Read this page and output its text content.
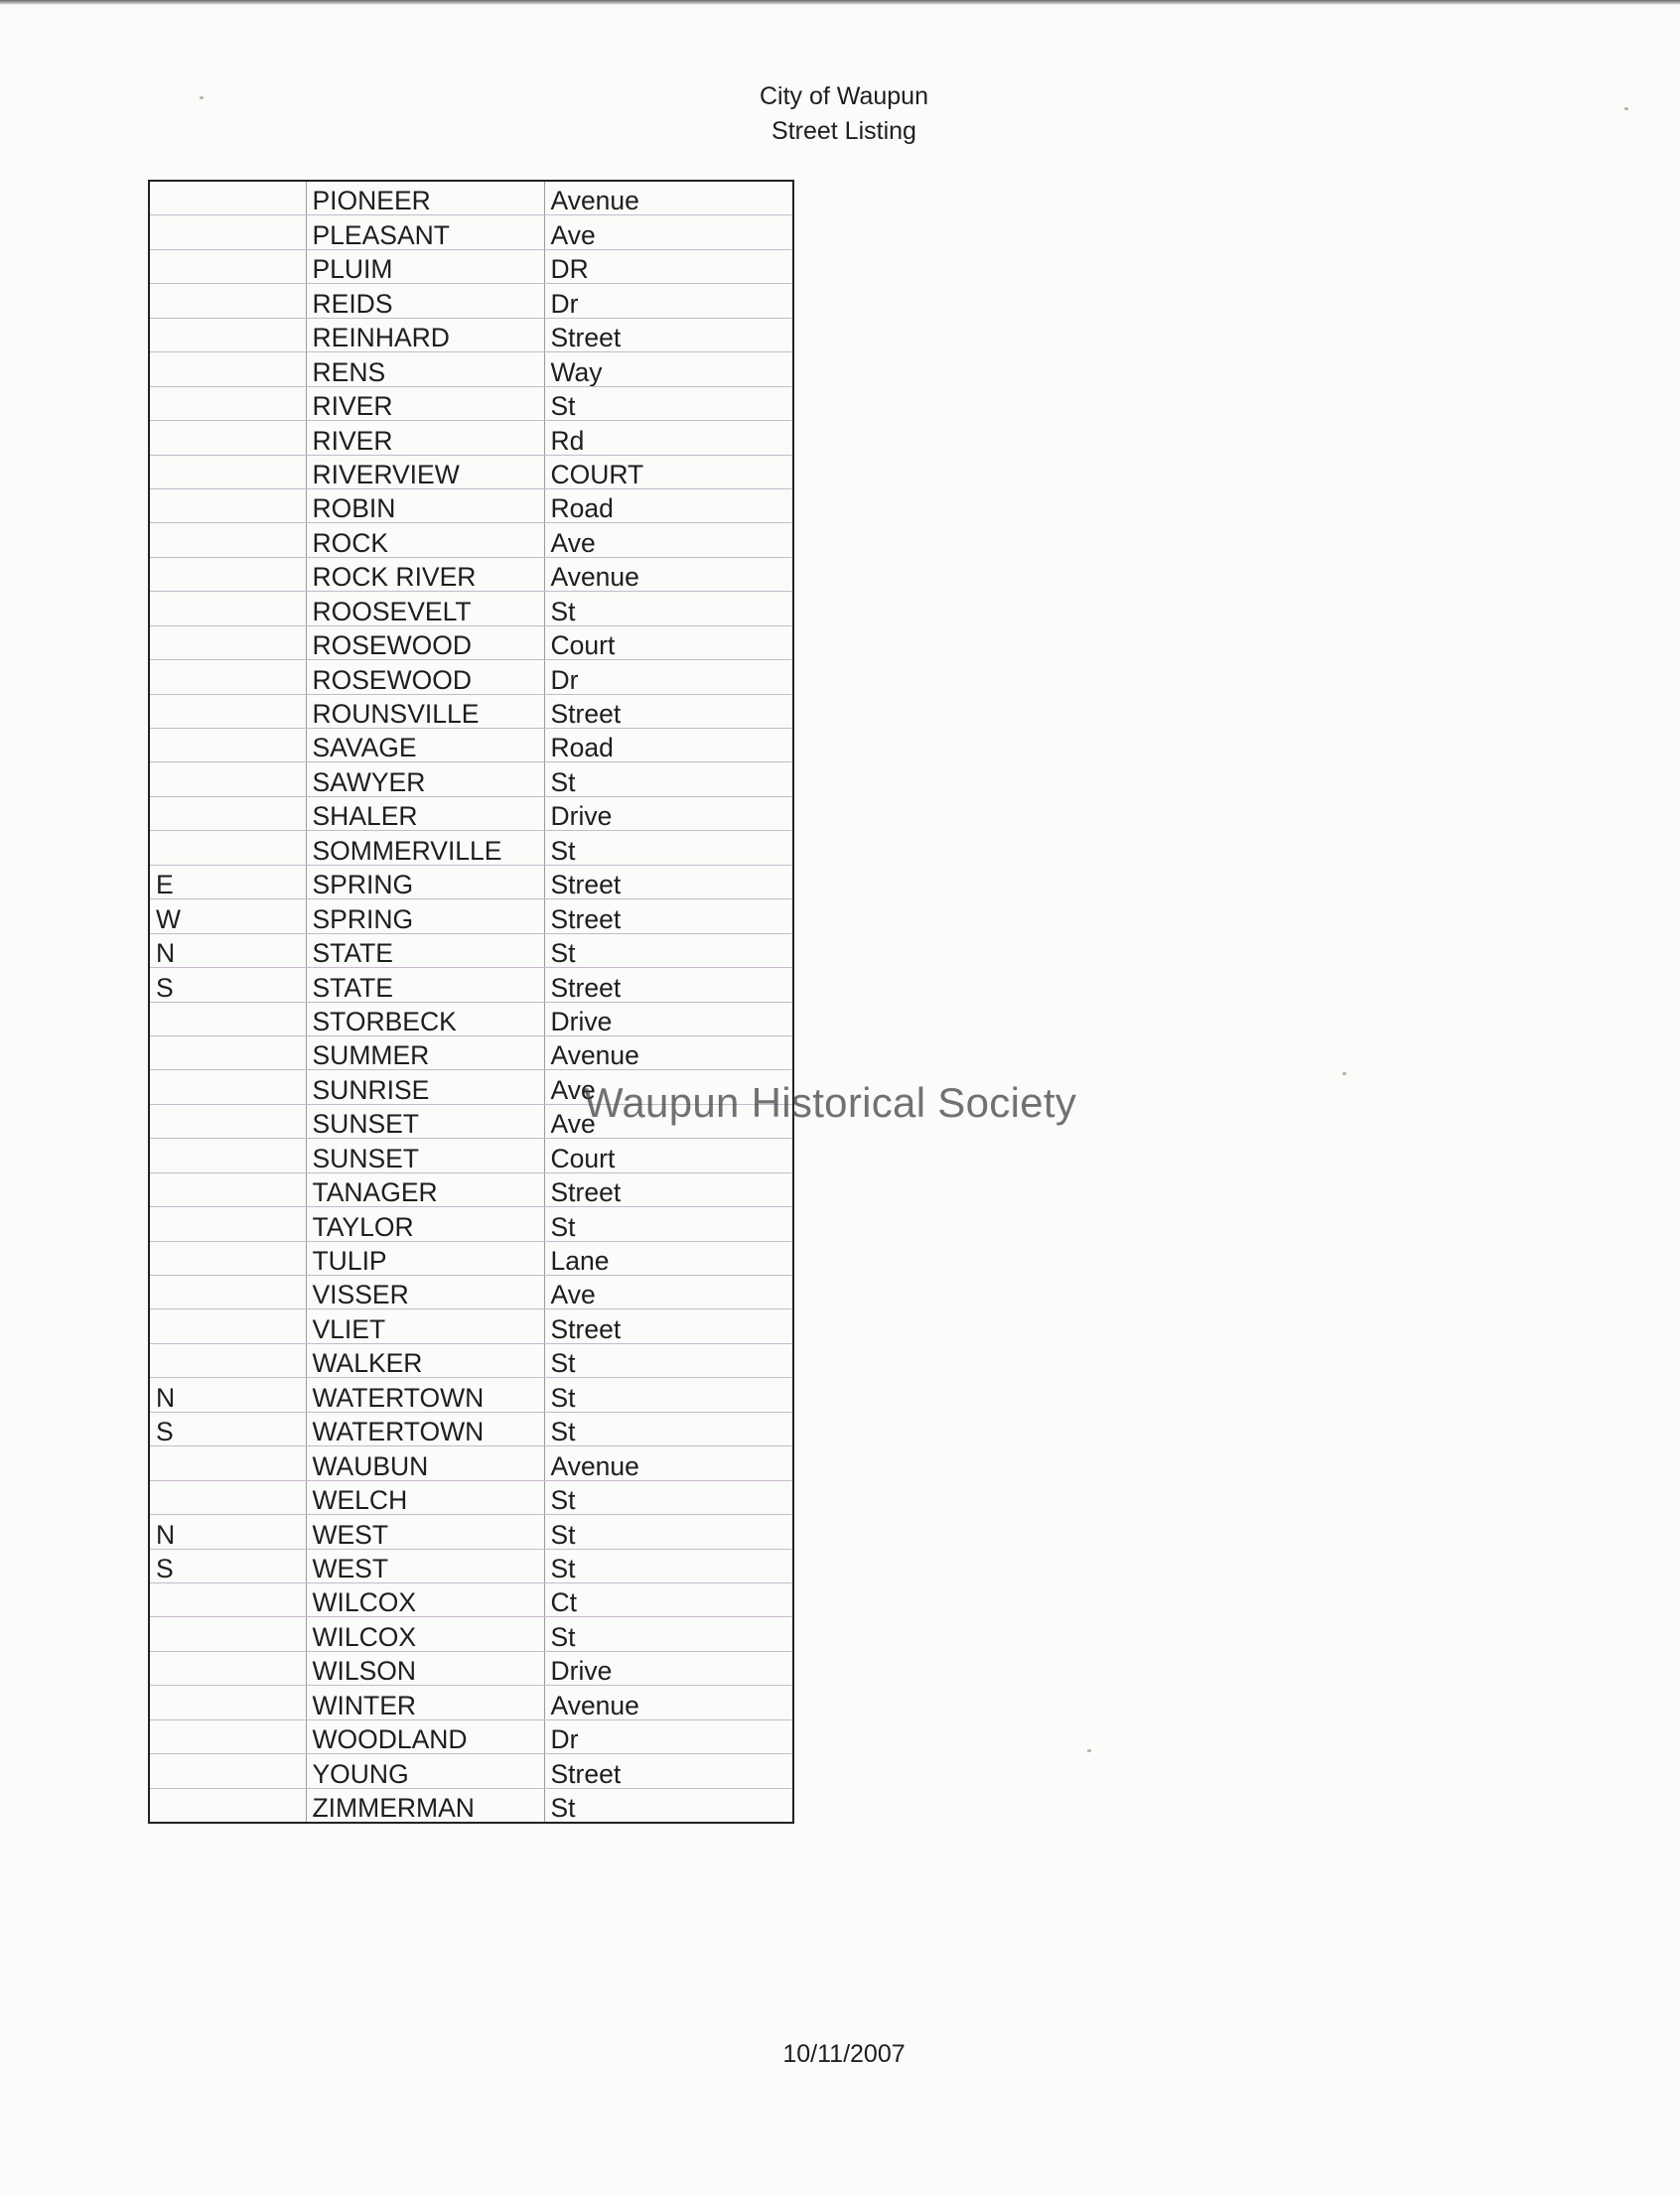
City of Waupun
Street Listing
	PIONEER	Avenue
	PLEASANT	Ave
	PLUIM	DR
	REIDS	Dr
	REINHARD	Street
	RENS	Way
	RIVER	St
	RIVER	Rd
	RIVERVIEW	COURT
	ROBIN	Road
	ROCK	Ave
	ROCK RIVER	Avenue
	ROOSEVELT	St
	ROSEWOOD	Court
	ROSEWOOD	Dr
	ROUNSVILLE	Street
	SAVAGE	Road
	SAWYER	St
	SHALER	Drive
	SOMMERVILLE	St
E	SPRING	Street
W	SPRING	Street
N	STATE	St
S	STATE	Street
	STORBECK	Drive
	SUMMER	Avenue
	SUNRISE	Ave
	SUNSET	Ave
	SUNSET	Court
	TANAGER	Street
	TAYLOR	St
	TULIP	Lane
	VISSER	Ave
	VLIET	Street
	WALKER	St
N	WATERTOWN	St
S	WATERTOWN	St
	WAUBUN	Avenue
	WELCH	St
N	WEST	St
S	WEST	St
	WILCOX	Ct
	WILCOX	St
	WILSON	Drive
	WINTER	Avenue
	WOODLAND	Dr
	YOUNG	Street
	ZIMMERMAN	St
Waupun Historical Society
10/11/2007
